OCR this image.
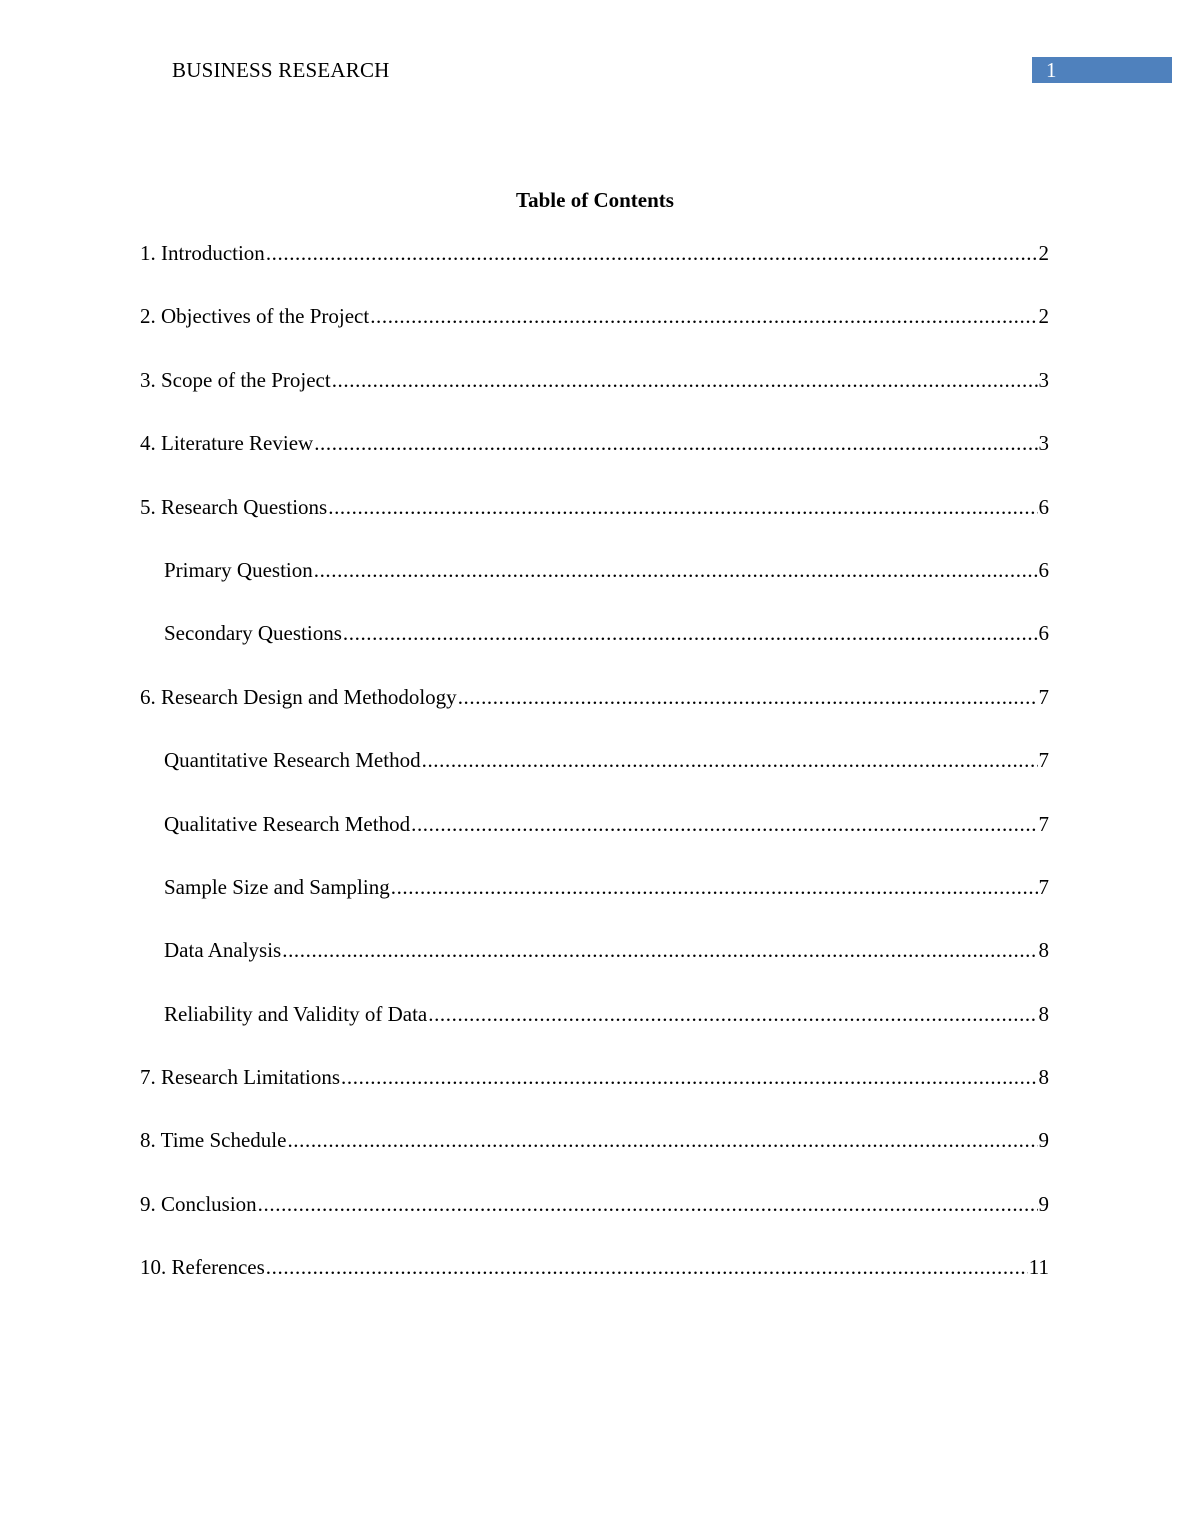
BUSINESS RESEARCH	1
Table of Contents
1. Introduction .....	2
2. Objectives of the Project .....	2
3. Scope of the Project .....	3
4. Literature Review .....	3
5. Research Questions .....	6
Primary Question .....	6
Secondary Questions .....	6
6. Research Design and Methodology .....	7
Quantitative Research Method .....	7
Qualitative Research Method .....	7
Sample Size and Sampling .....	7
Data Analysis .....	8
Reliability and Validity of Data .....	8
7. Research Limitations .....	8
8. Time Schedule .....	9
9. Conclusion .....	9
10. References .....	11
